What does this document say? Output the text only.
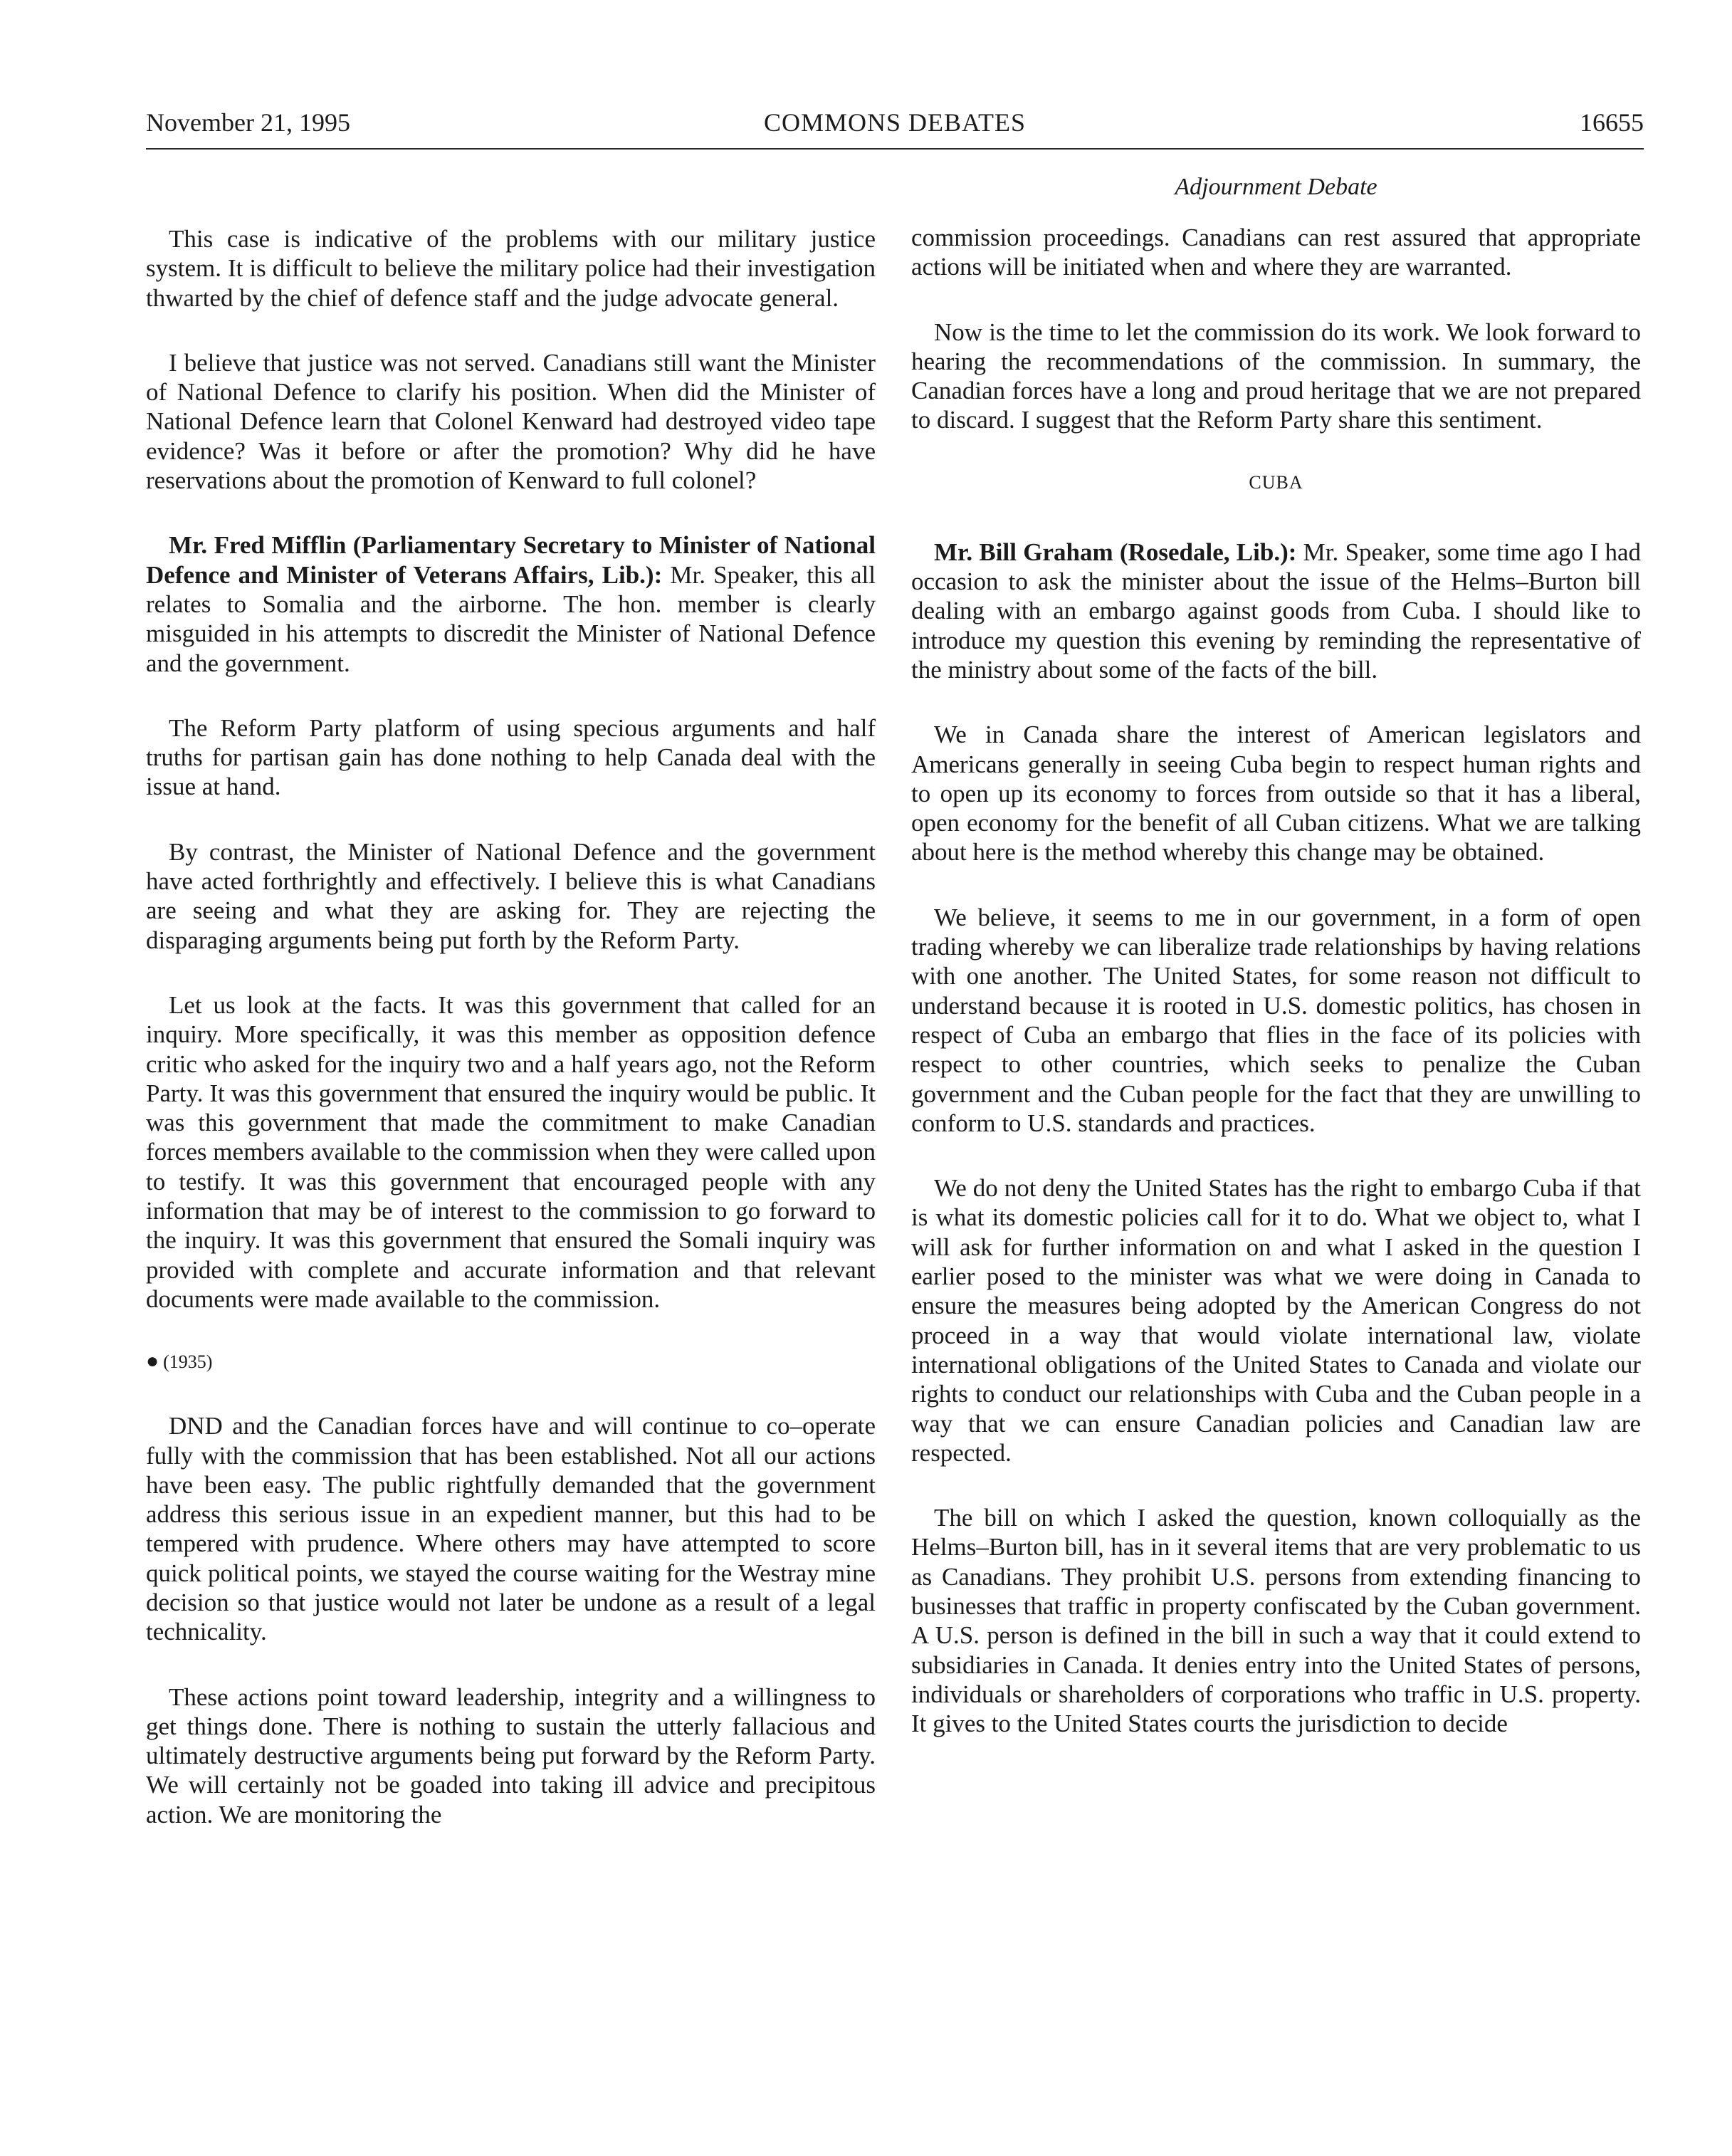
November 21, 1995	COMMONS DEBATES	16655

This case is indicative of the problems with our military justice system. It is difficult to believe the military police had their investigation thwarted by the chief of defence staff and the judge advocate general.

I believe that justice was not served. Canadians still want the Minister of National Defence to clarify his position. When did the Minister of National Defence learn that Colonel Kenward had destroyed video tape evidence? Was it before or after the promotion? Why did he have reservations about the promotion of Kenward to full colonel?

Mr. Fred Mifflin (Parliamentary Secretary to Minister of National Defence and Minister of Veterans Affairs, Lib.): Mr. Speaker, this all relates to Somalia and the airborne. The hon. member is clearly misguided in his attempts to discredit the Minister of National Defence and the government.

The Reform Party platform of using specious arguments and half truths for partisan gain has done nothing to help Canada deal with the issue at hand.

By contrast, the Minister of National Defence and the government have acted forthrightly and effectively. I believe this is what Canadians are seeing and what they are asking for. They are rejecting the disparaging arguments being put forth by the Reform Party.

Let us look at the facts. It was this government that called for an inquiry. More specifically, it was this member as opposition defence critic who asked for the inquiry two and a half years ago, not the Reform Party. It was this government that ensured the inquiry would be public. It was this government that made the commitment to make Canadian forces members available to the commission when they were called upon to testify. It was this government that encouraged people with any information that may be of interest to the commission to go forward to the inquiry. It was this government that ensured the Somali inquiry was provided with complete and accurate information and that relevant documents were made available to the commission.

● (1935)

DND and the Canadian forces have and will continue to co–operate fully with the commission that has been established. Not all our actions have been easy. The public rightfully demanded that the government address this serious issue in an expedient manner, but this had to be tempered with prudence. Where others may have attempted to score quick political points, we stayed the course waiting for the Westray mine decision so that justice would not later be undone as a result of a legal technicality.

These actions point toward leadership, integrity and a willingness to get things done. There is nothing to sustain the utterly fallacious and ultimately destructive arguments being put forward by the Reform Party. We will certainly not be goaded into taking ill advice and precipitous action. We are monitoring the

Adjournment Debate

commission proceedings. Canadians can rest assured that appropriate actions will be initiated when and where they are warranted.

Now is the time to let the commission do its work. We look forward to hearing the recommendations of the commission. In summary, the Canadian forces have a long and proud heritage that we are not prepared to discard. I suggest that the Reform Party share this sentiment.

CUBA

Mr. Bill Graham (Rosedale, Lib.): Mr. Speaker, some time ago I had occasion to ask the minister about the issue of the Helms–Burton bill dealing with an embargo against goods from Cuba. I should like to introduce my question this evening by reminding the representative of the ministry about some of the facts of the bill.

We in Canada share the interest of American legislators and Americans generally in seeing Cuba begin to respect human rights and to open up its economy to forces from outside so that it has a liberal, open economy for the benefit of all Cuban citizens. What we are talking about here is the method whereby this change may be obtained.

We believe, it seems to me in our government, in a form of open trading whereby we can liberalize trade relationships by having relations with one another. The United States, for some reason not difficult to understand because it is rooted in U.S. domestic politics, has chosen in respect of Cuba an embargo that flies in the face of its policies with respect to other countries, which seeks to penalize the Cuban government and the Cuban people for the fact that they are unwilling to conform to U.S. standards and practices.

We do not deny the United States has the right to embargo Cuba if that is what its domestic policies call for it to do. What we object to, what I will ask for further information on and what I asked in the question I earlier posed to the minister was what we were doing in Canada to ensure the measures being adopted by the American Congress do not proceed in a way that would violate international law, violate international obligations of the United States to Canada and violate our rights to conduct our relationships with Cuba and the Cuban people in a way that we can ensure Canadian policies and Canadian law are respected.

The bill on which I asked the question, known colloquially as the Helms–Burton bill, has in it several items that are very problematic to us as Canadians. They prohibit U.S. persons from extending financing to businesses that traffic in property confiscated by the Cuban government. A U.S. person is defined in the bill in such a way that it could extend to subsidiaries in Canada. It denies entry into the United States of persons, individuals or shareholders of corporations who traffic in U.S. property. It gives to the United States courts the jurisdiction to decide
